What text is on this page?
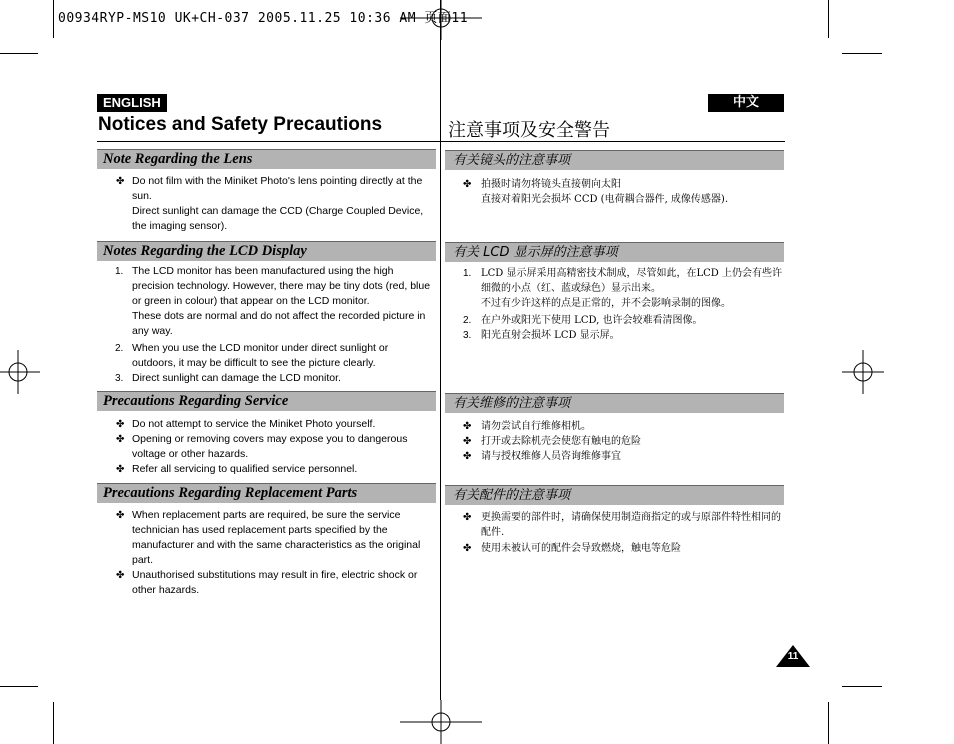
00934RYP-MS10 UK+CH-037 2005.11.25 10:36 AM 页面11
ENGLISH	中文
Notices and Safety Precautions	注意事项及安全警告
Note Regarding the Lens
✤ Do not film with the Miniket Photo's lens pointing directly at the sun.
Direct sunlight can damage the CCD (Charge Coupled Device, the imaging sensor).
Notes Regarding the LCD Display
1. The LCD monitor has been manufactured using the high precision technology. However, there may be tiny dots (red, blue or green in colour) that appear on the LCD monitor.
These dots are normal and do not affect the recorded picture in any way.
2. When you use the LCD monitor under direct sunlight or outdoors, it may be difficult to see the picture clearly.
3. Direct sunlight can damage the LCD monitor.
Precautions Regarding Service
✤ Do not attempt to service the Miniket Photo yourself.
✤ Opening or removing covers may expose you to dangerous voltage or other hazards.
✤ Refer all servicing to qualified service personnel.
Precautions Regarding Replacement Parts
✤ When replacement parts are required, be sure the service technician has used replacement parts specified by the manufacturer and with the same characteristics as the original part.
✤ Unauthorised substitutions may result in fire, electric shock or other hazards.
有关镜头的注意事项
✤ 拍摄时请勿将镜头直接朝向太阳
直接对着阳光会损坏 CCD (电荷耦合器件, 成像传感器).
有关 LCD 显示屏的注意事项
1. LCD 显示屏采用高精密技术制成，尽管如此，在LCD 上仍会有些许细微的小点（红、蓝或绿色）显示出来。
不过有少许这样的点是正常的，并不会影响录制的图像。
2. 在户外或阳光下使用 LCD, 也许会较难看清图像。
3. 阳光直射会损坏 LCD 显示屏。
有关维修的注意事项
✤ 请勿尝试自行维修相机。
✤ 打开或去除机壳会使您有触电的危险
✤ 请与授权维修人员咨询维修事宜
有关配件的注意事项
✤ 更换需要的部件时，请确保使用制造商指定的或与原部件特性相同的配件.
✤ 使用未被认可的配件会导致燃烧，触电等危险
11
